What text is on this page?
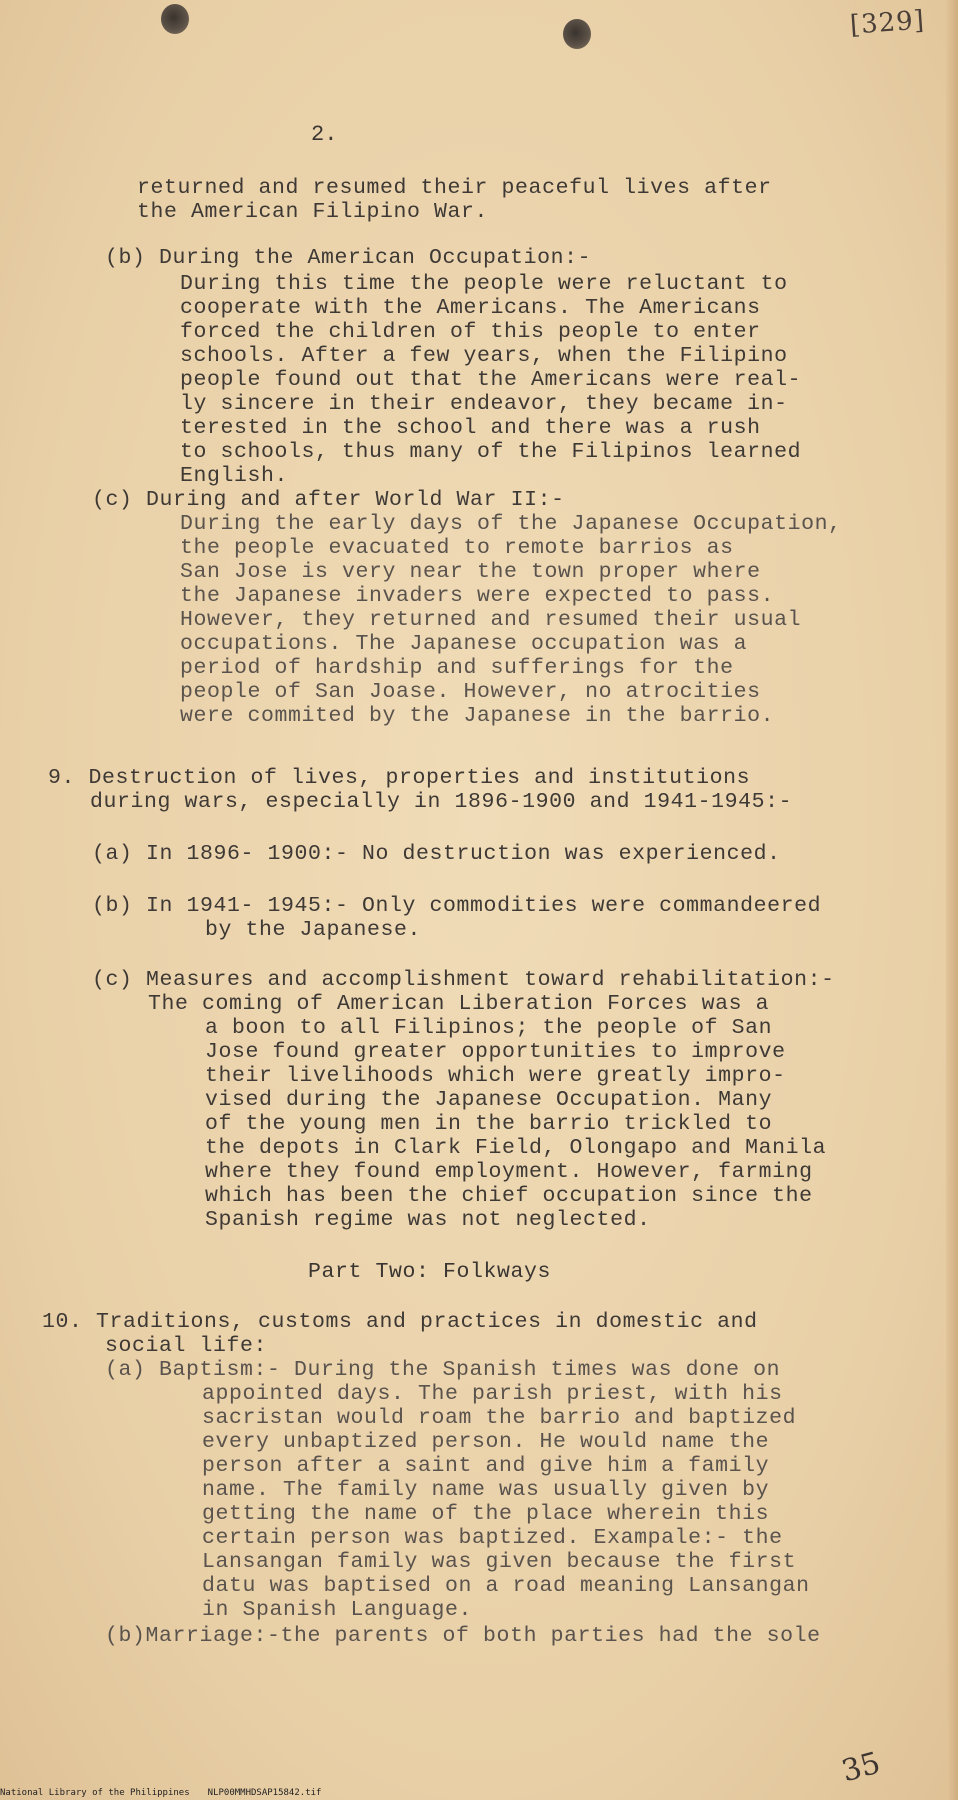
[329]
2.
returned and resumed their peaceful lives after
the American Filipino War.
(b) During the American Occupation:-
During this time the people were reluctant to
cooperate with the Americans. The Americans
forced the children of this people to enter
schools. After a few years, when the Filipino
people found out that the Americans were real-
ly sincere in their endeavor, they became in-
terested in the school and there was a rush
to schools, thus many of the Filipinos learned
English.
(c) During and after World War II:-
During the early days of the Japanese Occupation,
the people evacuated to remote barrios as
San Jose is very near the town proper where
the Japanese invaders were expected to pass.
However, they returned and resumed their usual
occupations. The Japanese occupation was a
period of hardship and sufferings for the
people of San Joase. However, no atrocities
were commited by the Japanese in the barrio.
9. Destruction of lives, properties and institutions
during wars, especially in 1896-1900 and 1941-1945:-
(a) In 1896- 1900:- No destruction was experienced.
(b) In 1941- 1945:- Only commodities were commandeered
by the Japanese.
(c) Measures and accomplishment toward rehabilitation:-
The coming of American Liberation Forces was a
a boon to all Filipinos; the people of San
Jose found greater opportunities to improve
their livelihoods which were greatly impro-
vised during the Japanese Occupation. Many
of the young men in the barrio trickled to
the depots in Clark Field, Olongapo and Manila
where they found employment. However, farming
which has been the chief occupation since the
Spanish regime was not neglected.
Part Two: Folkways
10. Traditions, customs and practices in domestic and
social life:
(a) Baptism:- During the Spanish times was done on
appointed days. The parish priest, with his
sacristan would roam the barrio and baptized
every unbaptized person. He would name the
person after a saint and give him a family
name. The family name was usually given by
getting the name of the place wherein this
certain person was baptized. Exampale:- the
Lansangan family was given because the first
datu was baptised on a road meaning Lansangan
in Spanish Language.
(b)Marriage:-the parents of both parties had the sole
35
National Library of the Philippines NLP00MMHDSAP15842.tif
